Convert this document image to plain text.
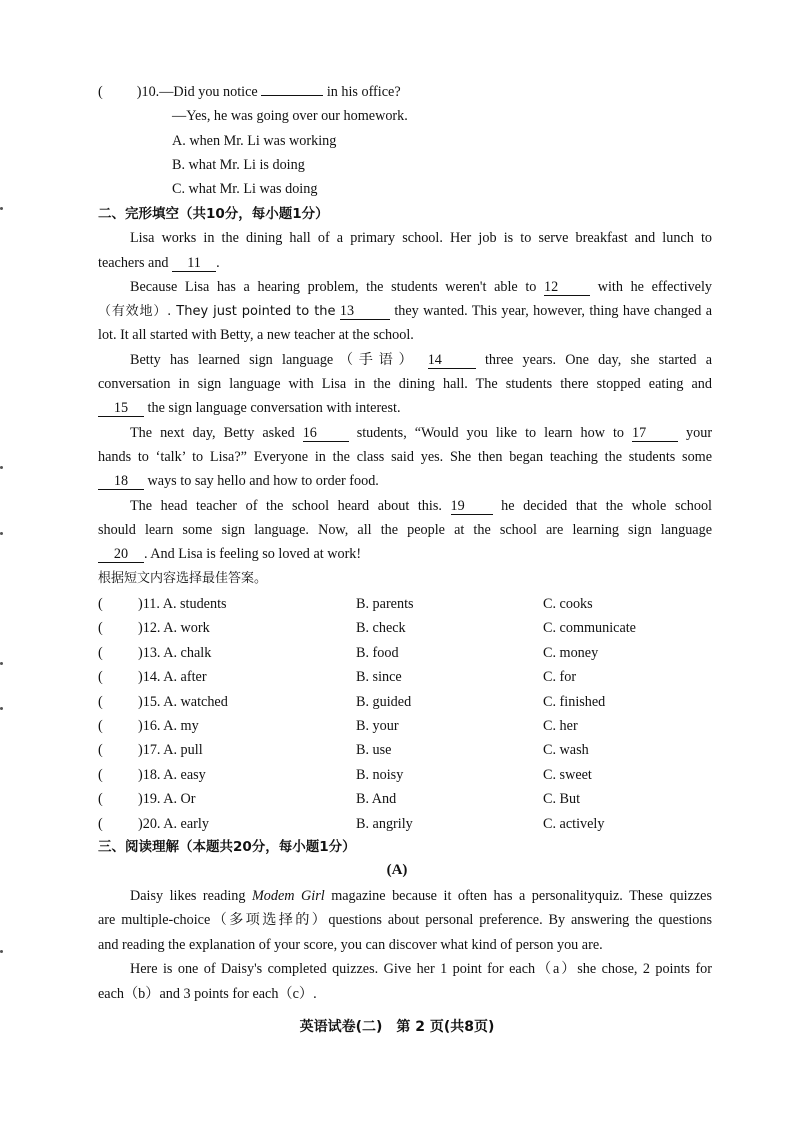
( )10.—Did you notice	in his office?
—Yes, he was going over our homework.
A. when Mr. Li was working
B. what Mr. Li is doing
C. what Mr. Li was doing
二、完形填空（共10分，每小题1分）
Lisa works in the dining hall of a primary school. Her job is to serve breakfast and lunch to
teachers and 11 .
Because Lisa has a hearing problem, the students weren't able to 12	with he effectively
（有效地）. They just pointed to the 13	they wanted. This year, however, thing have changed a
lot. It all started with Betty, a new teacher at the school.
Betty has learned sign language（手语） 14	three years. One day, she started a
conversation in sign language with Lisa in the dining hall. The students there stopped eating and
15 the sign language conversation with interest.
The next day, Betty asked 16	students, “Would you like to learn how to 17	your
hands to ‘talk’ to Lisa?” Everyone in the class said yes. She then began teaching the students some
18 ways to say hello and how to order food.
The head teacher of the school heard about this. 19	he decided that the whole school
should learn some sign language. Now, all the people at the school are learning sign language
20 . And Lisa is feeling so loved at work!
根据短文内容选择最佳答案。
( )11. A. students	B. parents	C. cooks
( )12. A. work	B. check	C. communicate
( )13. A. chalk	B. food	C. money
( )14. A. after	B. since	C. for
( )15. A. watched	B. guided	C. finished
( )16. A. my	B. your	C. her
( )17. A. pull	B. use	C. wash
( )18. A. easy	B. noisy	C. sweet
( )19. A. Or	B. And	C. But
( )20. A. early	B. angrily	C. actively
三、阅读理解（本题共20分，每小题1分）
(A)
Daisy likes reading Modem Girl magazine because it often has a personalityquiz. These quizzes
are multiple-choice（多项选择的）questions about personal preference. By answering the questions
and reading the explanation of your score, you can discover what kind of person you are.
Here is one of Daisy's completed quizzes. Give her 1 point for each（a）she chose, 2 points for
each（b）and 3 points for each（c）.
英语试卷(二)　第 2 页(共8页)
